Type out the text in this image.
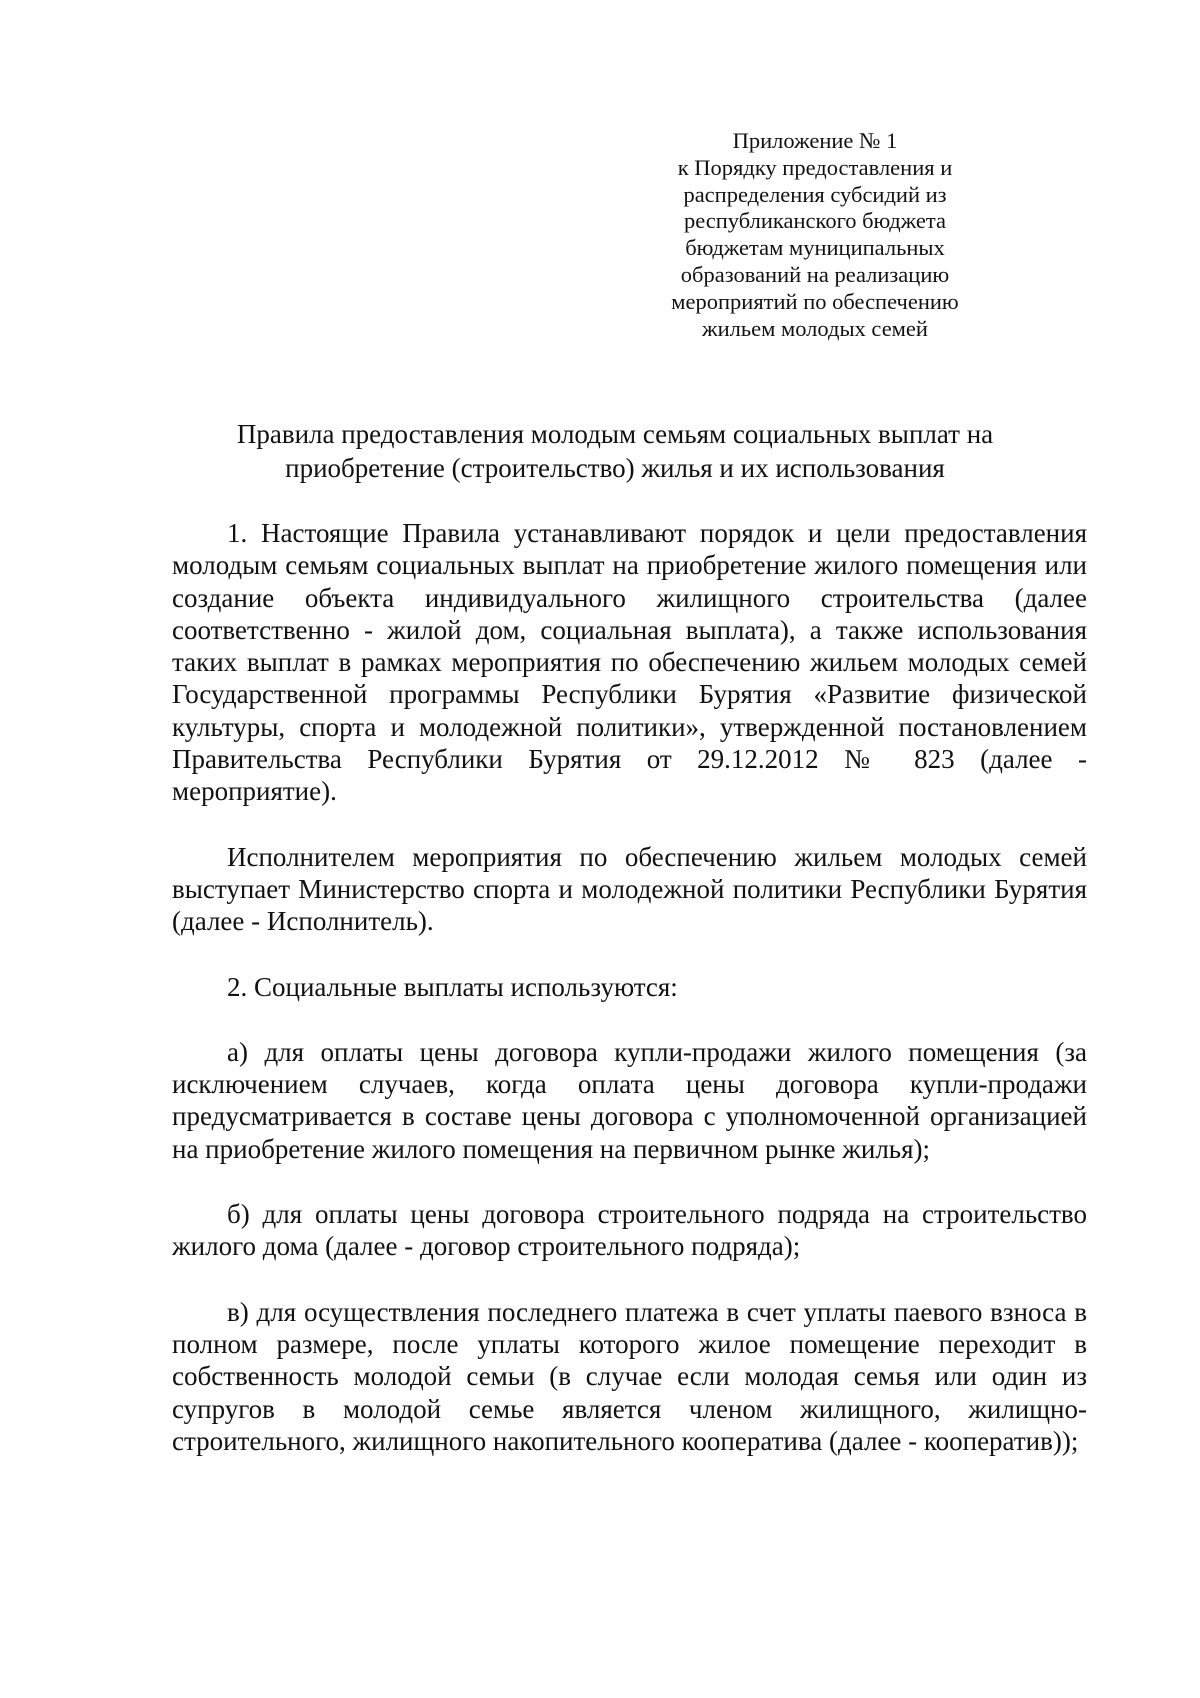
Приложение № 1
к Порядку предоставления и
распределения субсидий из
республиканского бюджета
бюджетам муниципальных
образований на реализацию
мероприятий по обеспечению
жильем молодых семей
Правила предоставления молодым семьям социальных выплат на
приобретение (строительство) жилья и их использования

1. Настоящие Правила устанавливают порядок и цели предоставления молодым семьям социальных выплат на приобретение жилого помещения или создание объекта индивидуального жилищного строительства (далее соответственно - жилой дом, социальная выплата), а также использования таких выплат в рамках мероприятия по обеспечению жильем молодых семей Государственной программы Республики Бурятия «Развитие физической культуры, спорта и молодежной политики», утвержденной постановлением Правительства Республики Бурятия от 29.12.2012 № 823 (далее - мероприятие).

Исполнителем мероприятия по обеспечению жильем молодых семей выступает Министерство спорта и молодежной политики Республики Бурятия (далее - Исполнитель).

2. Социальные выплаты используются:

а) для оплаты цены договора купли-продажи жилого помещения (за исключением случаев, когда оплата цены договора купли-продажи предусматривается в составе цены договора с уполномоченной организацией на приобретение жилого помещения на первичном рынке жилья);

б) для оплаты цены договора строительного подряда на строительство жилого дома (далее - договор строительного подряда);

в) для осуществления последнего платежа в счет уплаты паевого взноса в полном размере, после уплаты которого жилое помещение переходит в собственность молодой семьи (в случае если молодая семья или один из супругов в молодой семье является членом жилищного, жилищно-строительного, жилищного накопительного кооператива (далее - кооператив));
